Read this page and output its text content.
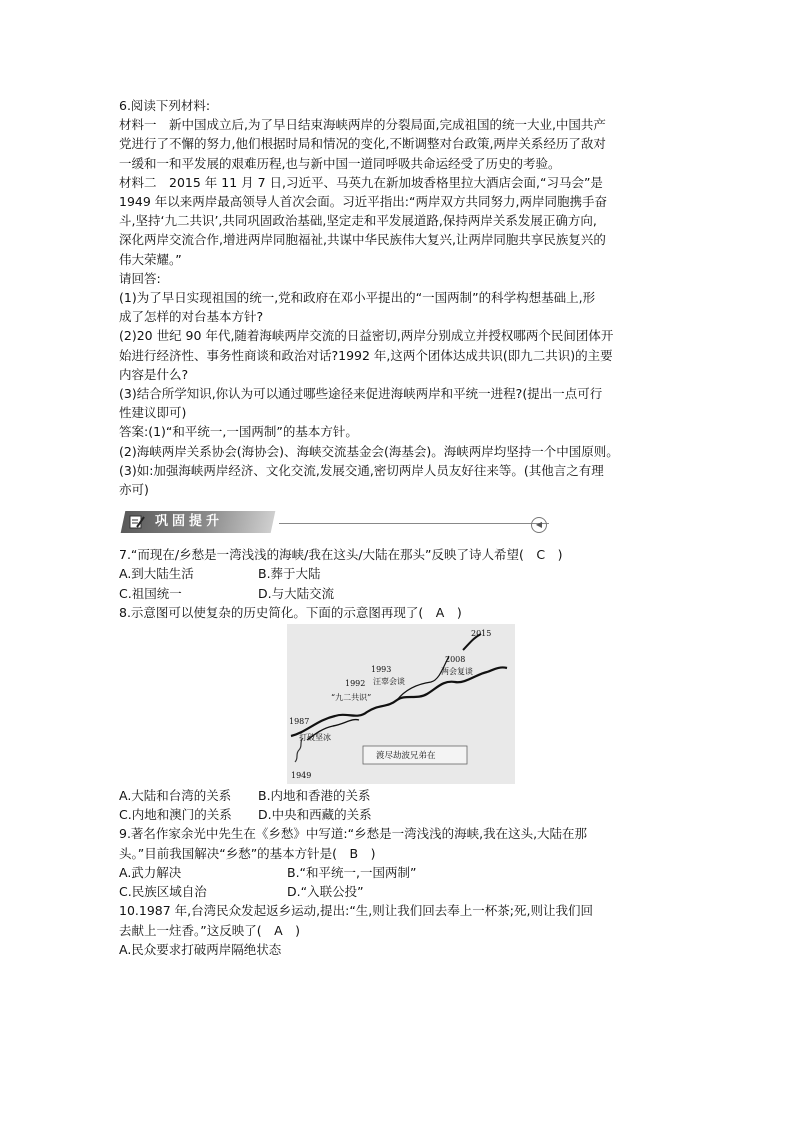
6.阅读下列材料:
材料一　新中国成立后,为了早日结束海峡两岸的分裂局面,完成祖国的统一大业,中国共产
党进行了不懈的努力,他们根据时局和情况的变化,不断调整对台政策,两岸关系经历了敌对
一缓和一和平发展的艰难历程,也与新中国一道同呼吸共命运经受了历史的考验。
材料二　2015 年 11 月 7 日,习近平、马英九在新加坡香格里拉大酒店会面,“习马会”是
1949 年以来两岸最高领导人首次会面。习近平指出:“两岸双方共同努力,两岸同胞携手奋
斗,坚持‘九二共识’,共同巩固政治基础,坚定走和平发展道路,保持两岸关系发展正确方向,
深化两岸交流合作,增进两岸同胞福祉,共谋中华民族伟大复兴,让两岸同胞共享民族复兴的
伟大荣耀。”
请回答:
(1)为了早日实现祖国的统一,党和政府在邓小平提出的“一国两制”的科学构想基础上,形
成了怎样的对台基本方针?
(2)20 世纪 90 年代,随着海峡两岸交流的日益密切,两岸分别成立并授权哪两个民间团体开
始进行经济性、事务性商谈和政治对话?1992 年,这两个团体达成共识(即九二共识)的主要
内容是什么?
(3)结合所学知识,你认为可以通过哪些途径来促进海峡两岸和平统一进程?(提出一点可行
性建议即可)
答案:(1)“和平统一,一国两制”的基本方针。
(2)海峡两岸关系协会(海协会)、海峡交流基金会(海基会)。海峡两岸均坚持一个中国原则。
(3)如:加强海峡两岸经济、文化交流,发展交通,密切两岸人员友好往来等。(其他言之有理
亦可)
巩固提升	◀
7.“而现在/乡愁是一湾浅浅的海峡/我在这头/大陆在那头”反映了诗人希望(　C　)
A.到大陆生活	B.葬于大陆
C.祖国统一	D.与大陆交流
8.示意图可以使复杂的历史简化。下面的示意图再现了(　A　)
2015
2008
两会复谈
1993
汪辜会谈
1992
“九二共识”
1987
打破坚冰
渡尽劫波兄弟在
1949
A.大陆和台湾的关系	B.内地和香港的关系
C.内地和澳门的关系	D.中央和西藏的关系
9.著名作家余光中先生在《乡愁》中写道:“乡愁是一湾浅浅的海峡,我在这头,大陆在那
头。”目前我国解决“乡愁”的基本方针是(　B　)
A.武力解决	B.“和平统一,一国两制”
C.民族区域自治	D.“入联公投”
10.1987 年,台湾民众发起返乡运动,提出:“生,则让我们回去奉上一杯茶;死,则让我们回
去献上一炷香。”这反映了(　A　)
A.民众要求打破两岸隔绝状态
